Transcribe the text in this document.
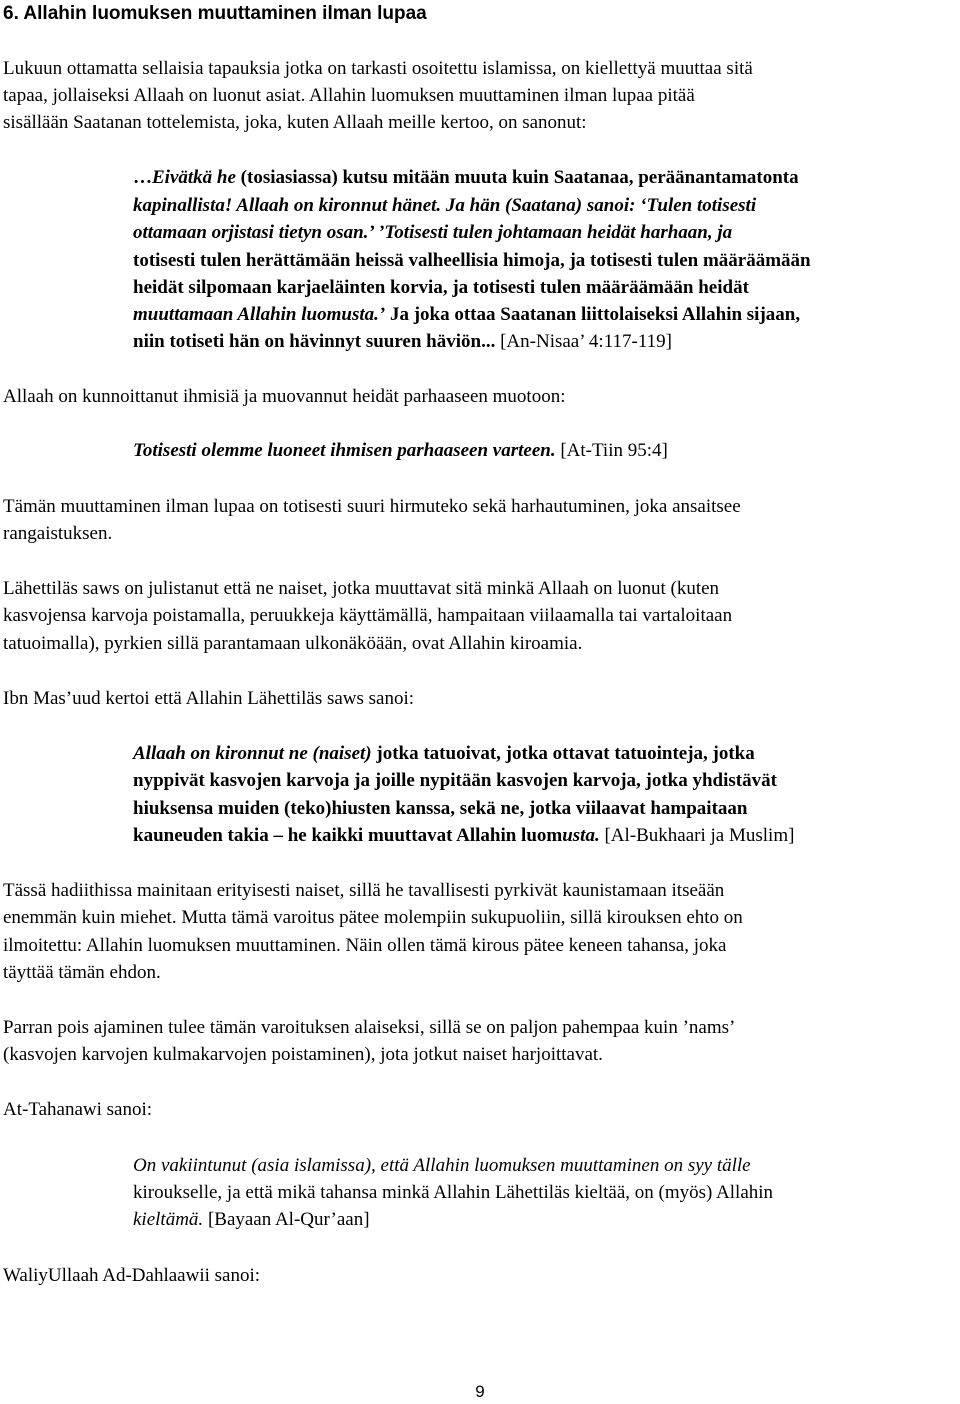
6. Allahin luomuksen muuttaminen ilman lupaa
Lukuun ottamatta sellaisia tapauksia jotka on tarkasti osoitettu islamissa, on kiellettyä muuttaa sitä
tapaa, jollaiseksi Allaah on luonut asiat. Allahin luomuksen muuttaminen ilman lupaa pitää
sisällään Saatanan tottelemista, joka, kuten Allaah meille kertoo, on sanonut:
…Eivätkä he (tosiasiassa) kutsu mitään muuta kuin Saatanaa, peräänantamatonta
kapinallista! Allaah on kironnut hänet. Ja hän (Saatana) sanoi: ‘Tulen totisesti
ottamaan orjistasi tietyn osan.’ ’Totisesti tulen johtamaan heidät harhaan, ja
totisesti tulen herättämään heissä valheellisia himoja, ja totisesti tulen määräämään
heidät silpomaan karjaeläinten korvia, ja totisesti tulen määräämään heidät
muuttamaan Allahin luomusta.’ Ja joka ottaa Saatanan liittolaiseksi Allahin sijaan,
niin totiseti hän on hävinnyt suuren häviön... [An-Nisaa’ 4:117-119]
Allaah on kunnoittanut ihmisiä ja muovannut heidät parhaaseen muotoon:
Totisesti olemme luoneet ihmisen parhaaseen varteen. [At-Tiin 95:4]
Tämän muuttaminen ilman lupaa on totisesti suuri hirmuteko sekä harhautuminen, joka ansaitsee
rangaistuksen.
Lähettiläs saws on julistanut että ne naiset, jotka muuttavat sitä minkä Allaah on luonut (kuten
kasvojensa karvoja poistamalla, peruukkeja käyttämällä, hampaitaan viilaamalla tai vartaloitaan
tatuoimalla), pyrkien sillä parantamaan ulkonäköään, ovat Allahin kiroamia.
Ibn Mas’uud kertoi että Allahin Lähettiläs saws sanoi:
Allaah on kironnut ne (naiset) jotka tatuoivat, jotka ottavat tatuointeja, jotka
nyppivät kasvojen karvoja ja joille nypitään kasvojen karvoja, jotka yhdistävät
hiuksensa muiden (teko)hiusten kanssa, sekä ne, jotka viilaavat hampaitaan
kauneuden takia – he kaikki muuttavat Allahin luomusta. [Al-Bukhaari ja Muslim]
Tässä hadiithissa mainitaan erityisesti naiset, sillä he tavallisesti pyrkivät kaunistamaan itseään
enemmän kuin miehet. Mutta tämä varoitus pätee molempiin sukupuoliin, sillä kirouksen ehto on
ilmoitettu: Allahin luomuksen muuttaminen. Näin ollen tämä kirous pätee keneen tahansa, joka
täyttää tämän ehdon.
Parran pois ajaminen tulee tämän varoituksen alaiseksi, sillä se on paljon pahempaa kuin ’nams’
(kasvojen karvojen kulmakarvojen poistaminen), jota jotkut naiset harjoittavat.
At-Tahanawi sanoi:
On vakiintunut (asia islamissa), että Allahin luomuksen muuttaminen on syy tälle
kiroukselle, ja että mikä tahansa minkä Allahin Lähettiläs kieltää, on (myös) Allahin
kieltämä. [Bayaan Al-Qur’aan]
WaliyUllaah Ad-Dahlaawii sanoi:
9
